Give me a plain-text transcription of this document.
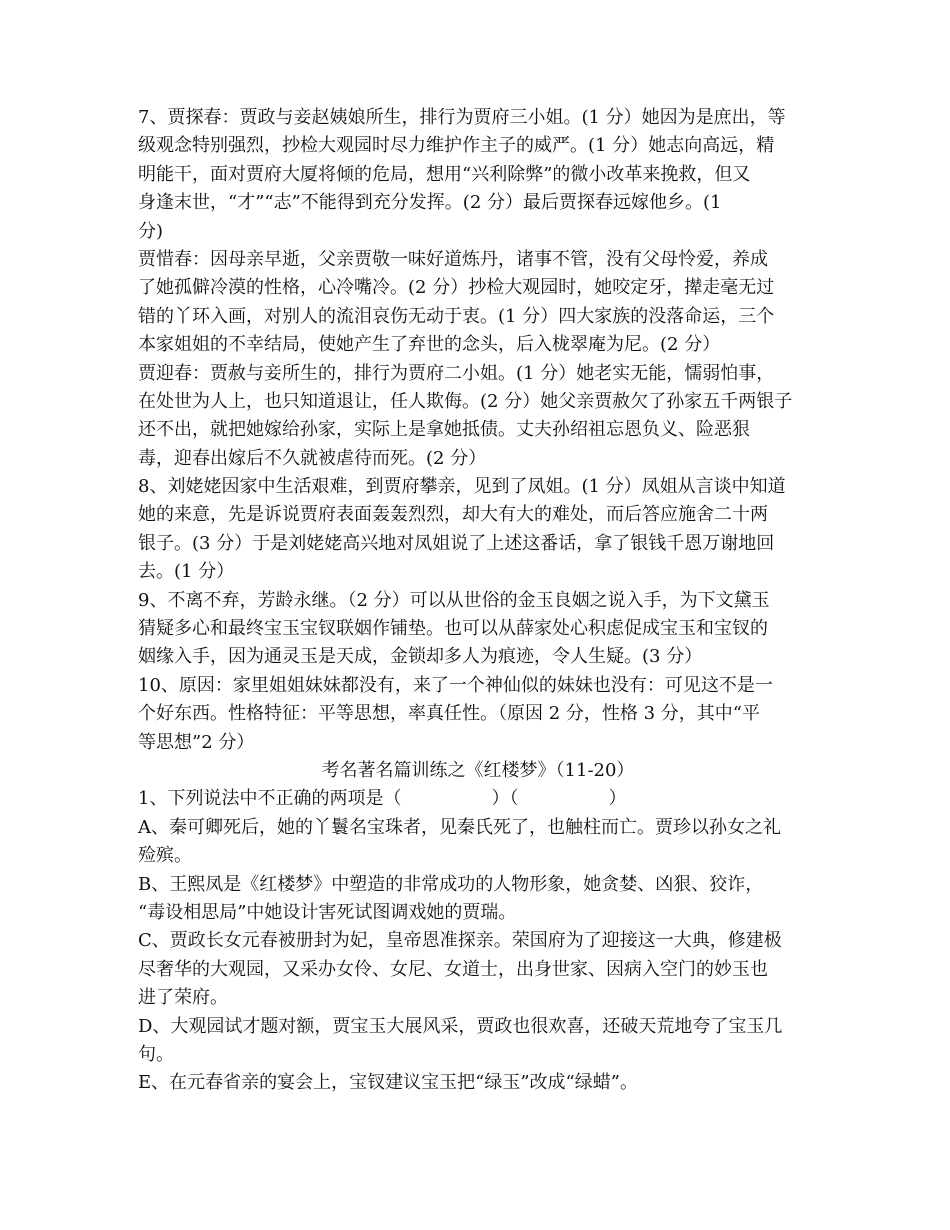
7、贾探春：贾政与妾赵姨娘所生，排行为贾府三小姐。(1 分）她因为是庶出，等
级观念特别强烈，抄检大观园时尽力维护作主子的威严。(1 分）她志向高远，精
明能干，面对贾府大厦将倾的危局，想用“兴利除弊”的微小改革来挽救，但又
身逢末世，“才”“志”不能得到充分发挥。(2 分）最后贾探春远嫁他乡。(1
分)
贾惜春：因母亲早逝，父亲贾敬一味好道炼丹，诸事不管，没有父母怜爱，养成
了她孤僻冷漠的性格，心冷嘴冷。(2 分）抄检大观园时，她咬定牙，撵走毫无过
错的丫环入画，对别人的流泪哀伤无动于衷。(1 分）四大家族的没落命运，三个
本家姐姐的不幸结局，使她产生了弃世的念头，后入栊翠庵为尼。(2 分）
贾迎春：贾赦与妾所生的，排行为贾府二小姐。(1 分）她老实无能，懦弱怕事，
在处世为人上，也只知道退让，任人欺侮。(2 分）她父亲贾赦欠了孙家五千两银子
还不出，就把她嫁给孙家，实际上是拿她抵债。丈夫孙绍祖忘恩负义、险恶狠
毒，迎春出嫁后不久就被虐待而死。(2 分）
8、刘姥姥因家中生活艰难，到贾府攀亲，见到了凤姐。(1 分）凤姐从言谈中知道
她的来意，先是诉说贾府表面轰轰烈烈，却大有大的难处，而后答应施舍二十两
银子。(3 分）于是刘姥姥高兴地对凤姐说了上述这番话，拿了银钱千恩万谢地回
去。(1 分）
9、不离不弃，芳龄永继。（2 分）可以从世俗的金玉良姻之说入手，为下文黛玉
猜疑多心和最终宝玉宝钗联姻作铺垫。也可以从薛家处心积虑促成宝玉和宝钗的
姻缘入手，因为通灵玉是天成，金锁却多人为痕迹，令人生疑。(3 分）
10、原因：家里姐姐妹妹都没有，来了一个神仙似的妹妹也没有：可见这不是一
个好东西。性格特征：平等思想，率真任性。（原因 2 分，性格 3 分，其中“平
等思想”2 分）
考名著名篇训练之《红楼梦》（11-20）
1、下列说法中不正确的两项是（　　　　　）（　　　　　）
A、秦可卿死后，她的丫鬟名宝珠者，见秦氏死了，也触柱而亡。贾珍以孙女之礼
殓殡。
B、王熙凤是《红楼梦》中塑造的非常成功的人物形象，她贪婪、凶狠、狡诈，
“毒设相思局”中她设计害死试图调戏她的贾瑞。
C、贾政长女元春被册封为妃，皇帝恩准探亲。荣国府为了迎接这一大典，修建极
尽奢华的大观园，又采办女伶、女尼、女道士，出身世家、因病入空门的妙玉也
进了荣府。
D、大观园试才题对额，贾宝玉大展风采，贾政也很欢喜，还破天荒地夸了宝玉几
句。
E、在元春省亲的宴会上，宝钗建议宝玉把“绿玉”改成“绿蜡”。
